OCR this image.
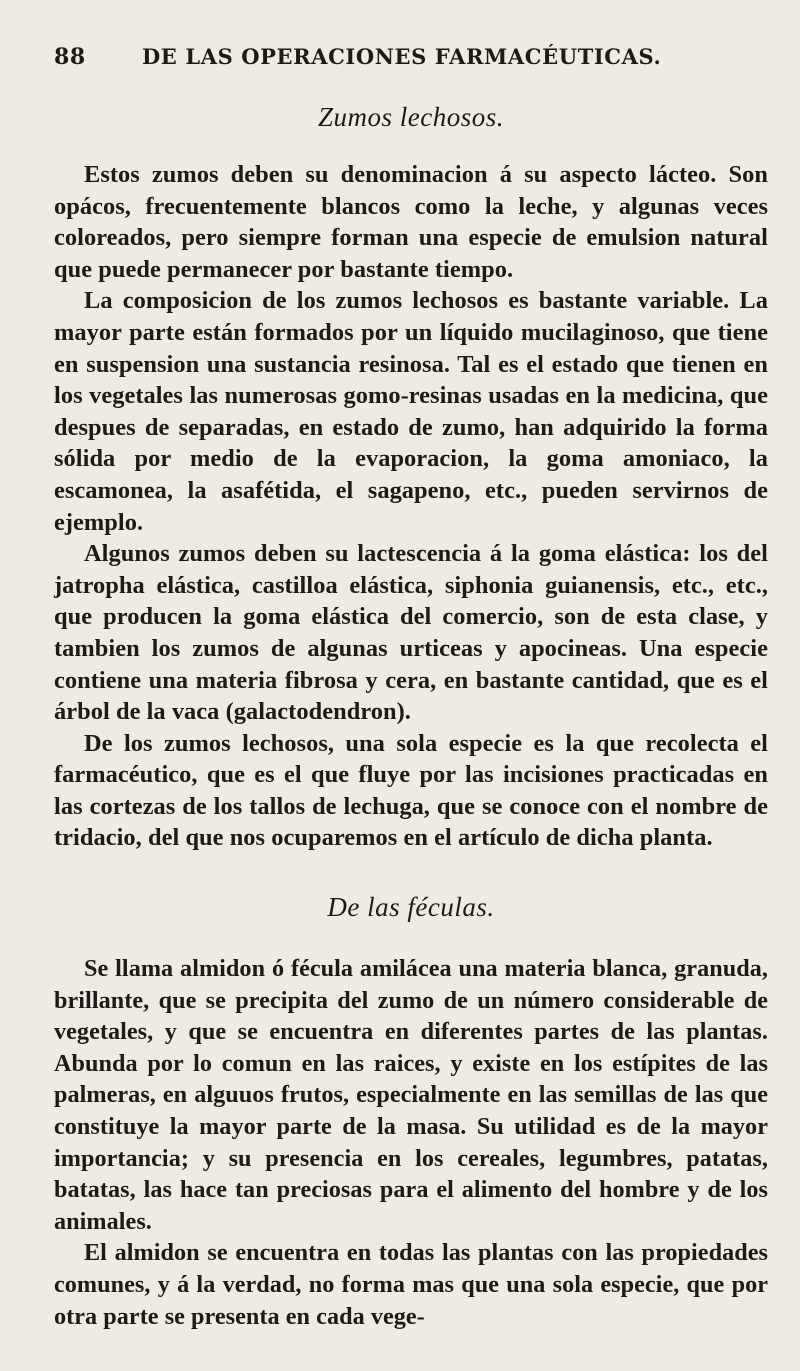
88	DE LAS OPERACIONES FARMACÉUTICAS.
Zumos lechosos.

Estos zumos deben su denominacion á su aspecto lácteo. Son opácos, frecuentemente blancos como la leche, y algunas veces coloreados, pero siempre forman una especie de emulsion natural que puede permanecer por bastante tiempo.

La composicion de los zumos lechosos es bastante variable. La mayor parte están formados por un líquido mucilaginoso, que tiene en suspension una sustancia resinosa. Tal es el estado que tienen en los vegetales las numerosas gomo-resinas usadas en la medicina, que despues de separadas, en estado de zumo, han adquirido la forma sólida por medio de la evaporacion, la goma amoniaco, la escamonea, la asafétida, el sagapeno, etc., pueden servirnos de ejemplo.

Algunos zumos deben su lactescencia á la goma elástica: los del jatropha elástica, castilloa elástica, siphonia guianensis, etc., etc., que producen la goma elástica del comercio, son de esta clase, y tambien los zumos de algunas urticeas y apocineas. Una especie contiene una materia fibrosa y cera, en bastante cantidad, que es el árbol de la vaca (galactodendron).

De los zumos lechosos, una sola especie es la que recolecta el farmacéutico, que es el que fluye por las incisiones practicadas en las cortezas de los tallos de lechuga, que se conoce con el nombre de tridacio, del que nos ocuparemos en el artículo de dicha planta.

De las féculas.

Se llama almidon ó fécula amilácea una materia blanca, granuda, brillante, que se precipita del zumo de un número considerable de vegetales, y que se encuentra en diferentes partes de las plantas. Abunda por lo comun en las raices, y existe en los estípites de las palmeras, en alguuos frutos, especialmente en las semillas de las que constituye la mayor parte de la masa. Su utilidad es de la mayor importancia; y su presencia en los cereales, legumbres, patatas, batatas, las hace tan preciosas para el alimento del hombre y de los animales.

El almidon se encuentra en todas las plantas con las propiedades comunes, y á la verdad, no forma mas que una sola especie, que por otra parte se presenta en cada vege-
